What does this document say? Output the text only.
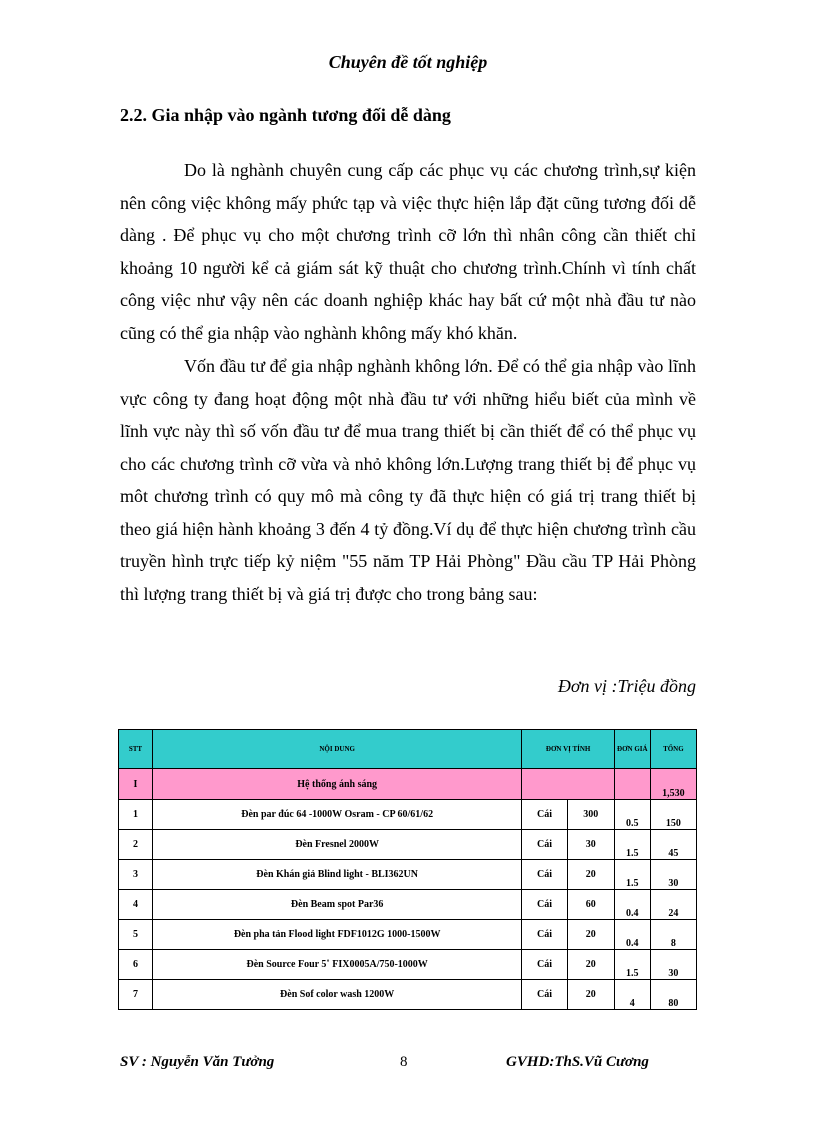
Chuyên đề tốt nghiệp
2.2. Gia nhập vào ngành tương đối dễ dàng

Do là nghành chuyên cung cấp các phục vụ các chương trình,sự kiện nên công việc không mấy phức tạp và việc thực hiện lắp đặt cũng tương đối dễ dàng . Để phục vụ cho một chương trình cỡ lớn thì nhân công cần thiết chỉ khoảng 10 người kể cả giám sát kỹ thuật cho chương trình.Chính vì tính chất công việc như vậy nên các doanh nghiệp khác hay bất cứ một nhà đầu tư nào cũng có thể gia nhập vào nghành không mấy khó khăn.

Vốn đầu tư để gia nhập nghành không lớn. Để có thể gia nhập vào lĩnh vực công ty đang hoạt động một nhà đầu tư với những hiểu biết của mình về lĩnh vực này thì số vốn đầu tư để mua trang thiết bị cần thiết để có thể phục vụ cho các chương trình cỡ vừa và nhỏ không lớn.Lượng trang thiết bị để phục vụ môt chương trình có quy mô mà công ty đã thực hiện có giá trị trang thiết bị theo giá hiện hành khoảng 3 đến 4 tỷ đồng.Ví dụ để thực hiện chương trình cầu truyền hình trực tiếp kỷ niệm "55 năm TP Hải Phòng" Đầu cầu TP Hải Phòng thì lượng trang thiết bị và giá trị được cho trong bảng sau:

Đơn vị :Triệu đồng
STT	NỘI DUNG	ĐƠN VỊ TÍNH		ĐƠN GIÁ	TỔNG
I	Hệ thống ánh sáng				1,530
1	Đèn par đúc 64 -1000W Osram - CP 60/61/62	Cái	300	0.5	150
2	Đèn Fresnel 2000W	Cái	30	1.5	45
3	Đèn Khán giả Blind light - BLI362UN	Cái	20	1.5	30
4	Đèn Beam spot Par36	Cái	60	0.4	24
5	Đèn pha tản Flood light FDF1012G 1000-1500W	Cái	20	0.4	8
6	Đèn Source Four 5˚ FIX0005A/750-1000W	Cái	20	1.5	30
7	Đèn Sof color wash 1200W	Cái	20	4	80
SV : Nguyễn Văn Tưởng	8	GVHD:ThS.Vũ Cương
